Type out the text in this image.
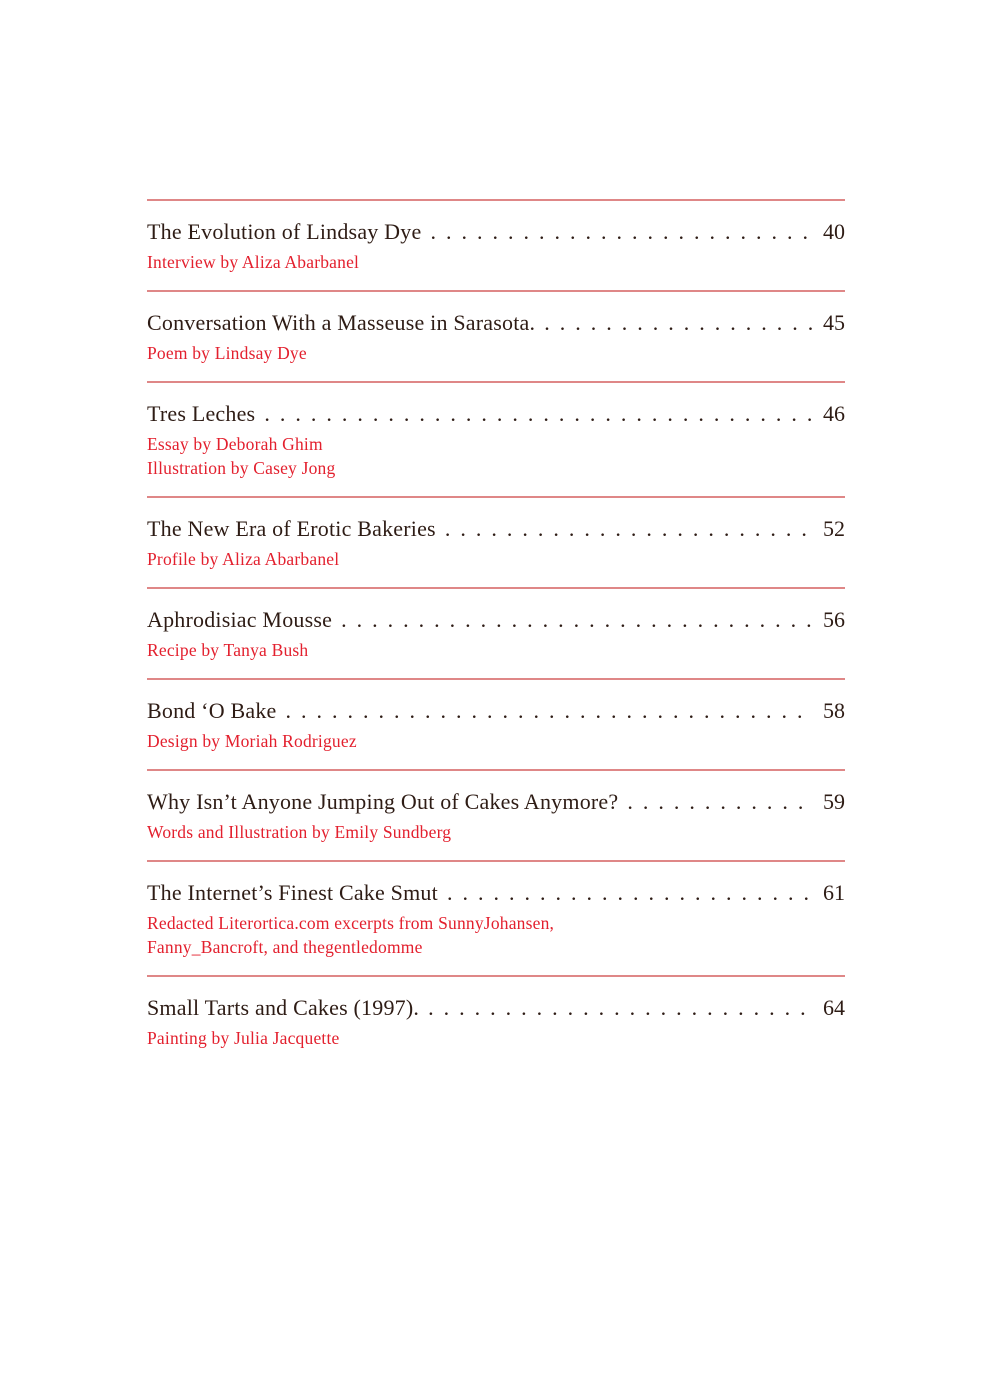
The Evolution of Lindsay Dye .....	40
Interview by Aliza Abarbanel
Conversation With a Masseuse in Sarasota. .....	45
Poem by Lindsay Dye
Tres Leches .....	46
Essay by Deborah Ghim
Illustration by Casey Jong
The New Era of Erotic Bakeries .....	52
Profile by Aliza Abarbanel
Aphrodisiac Mousse .....	56
Recipe by Tanya Bush
Bond ‘O Bake .....	58
Design by Moriah Rodriguez
Why Isn’t Anyone Jumping Out of Cakes Anymore? .....	59
Words and Illustration by Emily Sundberg
The Internet’s Finest Cake Smut .....	61
Redacted Literortica.com excerpts from SunnyJohansen,
Fanny_Bancroft, and thegentledomme
Small Tarts and Cakes (1997). .....	64
Painting by Julia Jacquette
